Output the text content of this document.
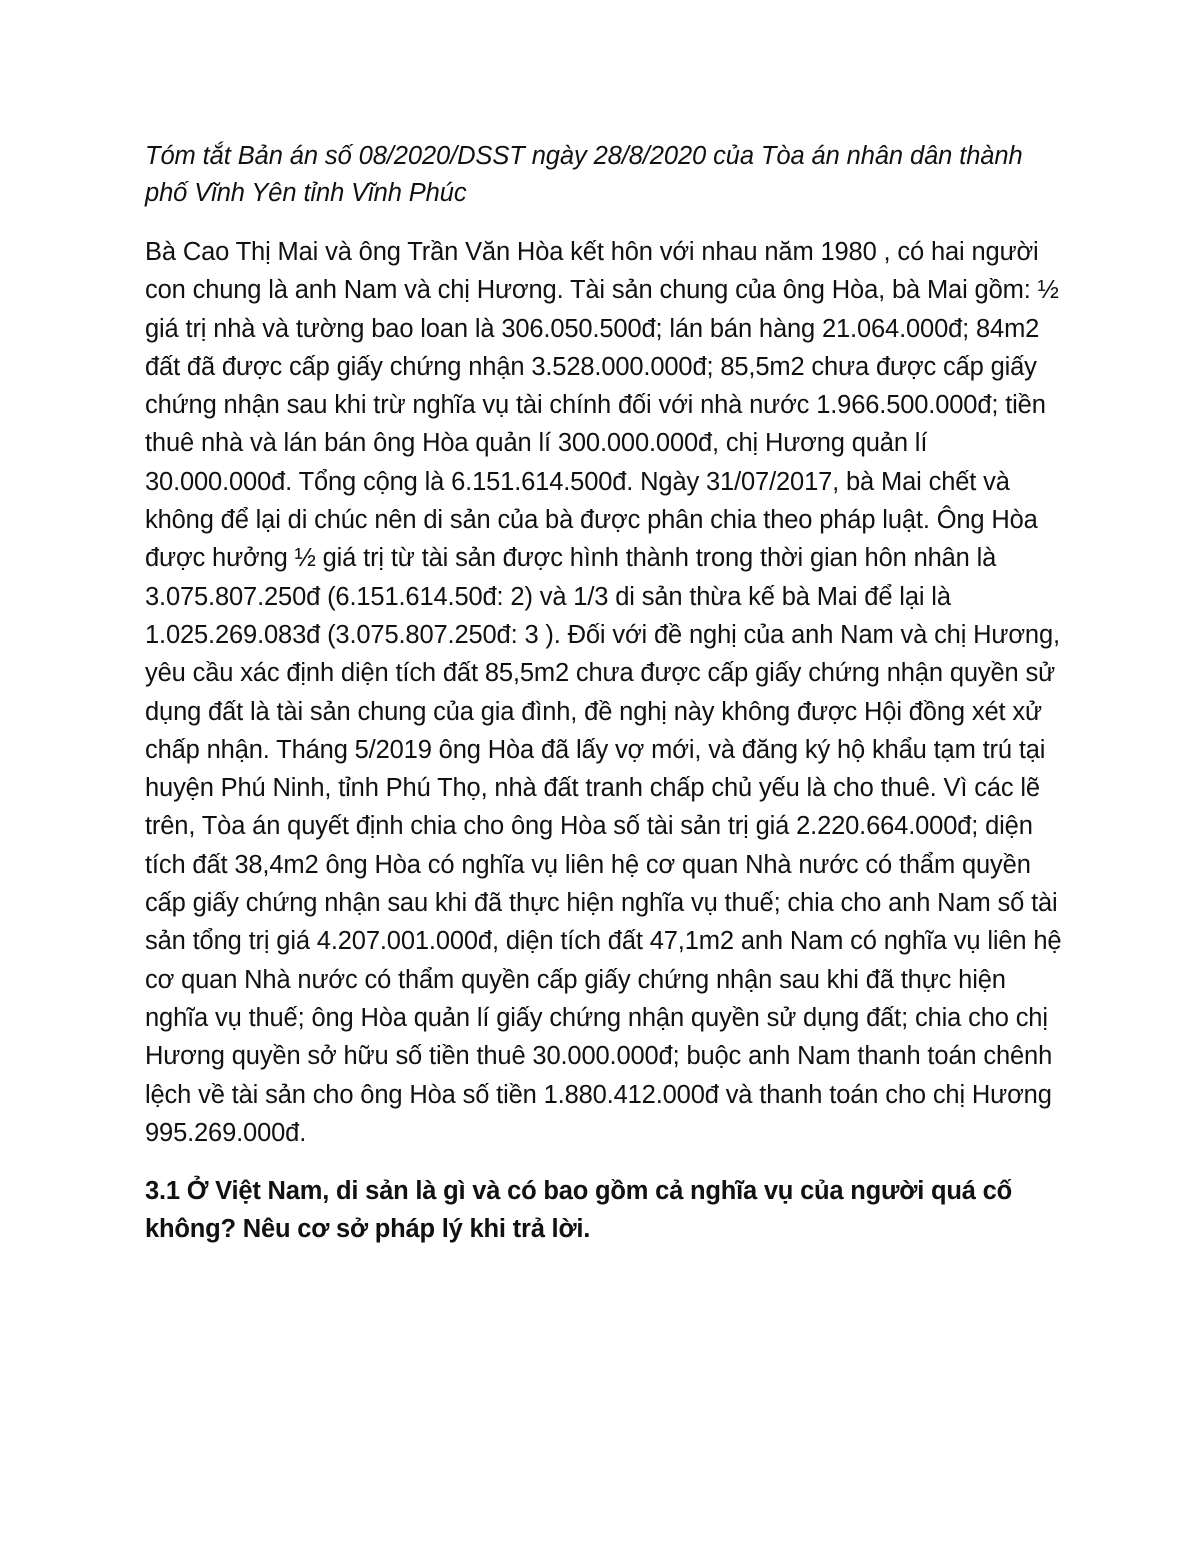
Tóm tắt Bản án số 08/2020/DSST ngày 28/8/2020 của Tòa án nhân dân thành phố Vĩnh Yên tỉnh Vĩnh Phúc

Bà Cao Thị Mai và ông Trần Văn Hòa kết hôn với nhau năm 1980 , có hai người con chung là anh Nam và chị Hương. Tài sản chung của ông Hòa, bà Mai gồm: ½ giá trị nhà và tường bao loan là 306.050.500đ; lán bán hàng 21.064.000đ; 84m2 đất đã được cấp giấy chứng nhận 3.528.000.000đ; 85,5m2 chưa được cấp giấy chứng nhận sau khi trừ nghĩa vụ tài chính đối với nhà nước 1.966.500.000đ; tiền thuê nhà và lán bán ông Hòa quản lí 300.000.000đ, chị Hương quản lí 30.000.000đ. Tổng cộng là 6.151.614.500đ. Ngày 31/07/2017, bà Mai chết và không để lại di chúc nên di sản của bà được phân chia theo pháp luật. Ông Hòa được hưởng ½ giá trị từ tài sản được hình thành trong thời gian hôn nhân là 3.075.807.250đ (6.151.614.50đ: 2) và 1/3 di sản thừa kế bà Mai để lại là 1.025.269.083đ (3.075.807.250đ: 3 ). Đối với đề nghị của anh Nam và chị Hương, yêu cầu xác định diện tích đất 85,5m2 chưa được cấp giấy chứng nhận quyền sử dụng đất là tài sản chung của gia đình, đề nghị này không được Hội đồng xét xử chấp nhận. Tháng 5/2019 ông Hòa đã lấy vợ mới, và đăng ký hộ khẩu tạm trú tại huyện Phú Ninh, tỉnh Phú Thọ, nhà đất tranh chấp chủ yếu là cho thuê. Vì các lẽ trên, Tòa án quyết định chia cho ông Hòa số tài sản trị giá 2.220.664.000đ; diện tích đất 38,4m2 ông Hòa có nghĩa vụ liên hệ cơ quan Nhà nước có thẩm quyền cấp giấy chứng nhận sau khi đã thực hiện nghĩa vụ thuế; chia cho anh Nam số tài sản tổng trị giá 4.207.001.000đ, diện tích đất 47,1m2 anh Nam có nghĩa vụ liên hệ cơ quan Nhà nước có thẩm quyền cấp giấy chứng nhận sau khi đã thực hiện nghĩa vụ thuế; ông Hòa quản lí giấy chứng nhận quyền sử dụng đất; chia cho chị Hương quyền sở hữu số tiền thuê 30.000.000đ; buộc anh Nam thanh toán chênh lệch về tài sản cho ông Hòa số tiền 1.880.412.000đ và thanh toán cho chị Hương 995.269.000đ.

3.1 Ở Việt Nam, di sản là gì và có bao gồm cả nghĩa vụ của người quá cố không? Nêu cơ sở pháp lý khi trả lời.
